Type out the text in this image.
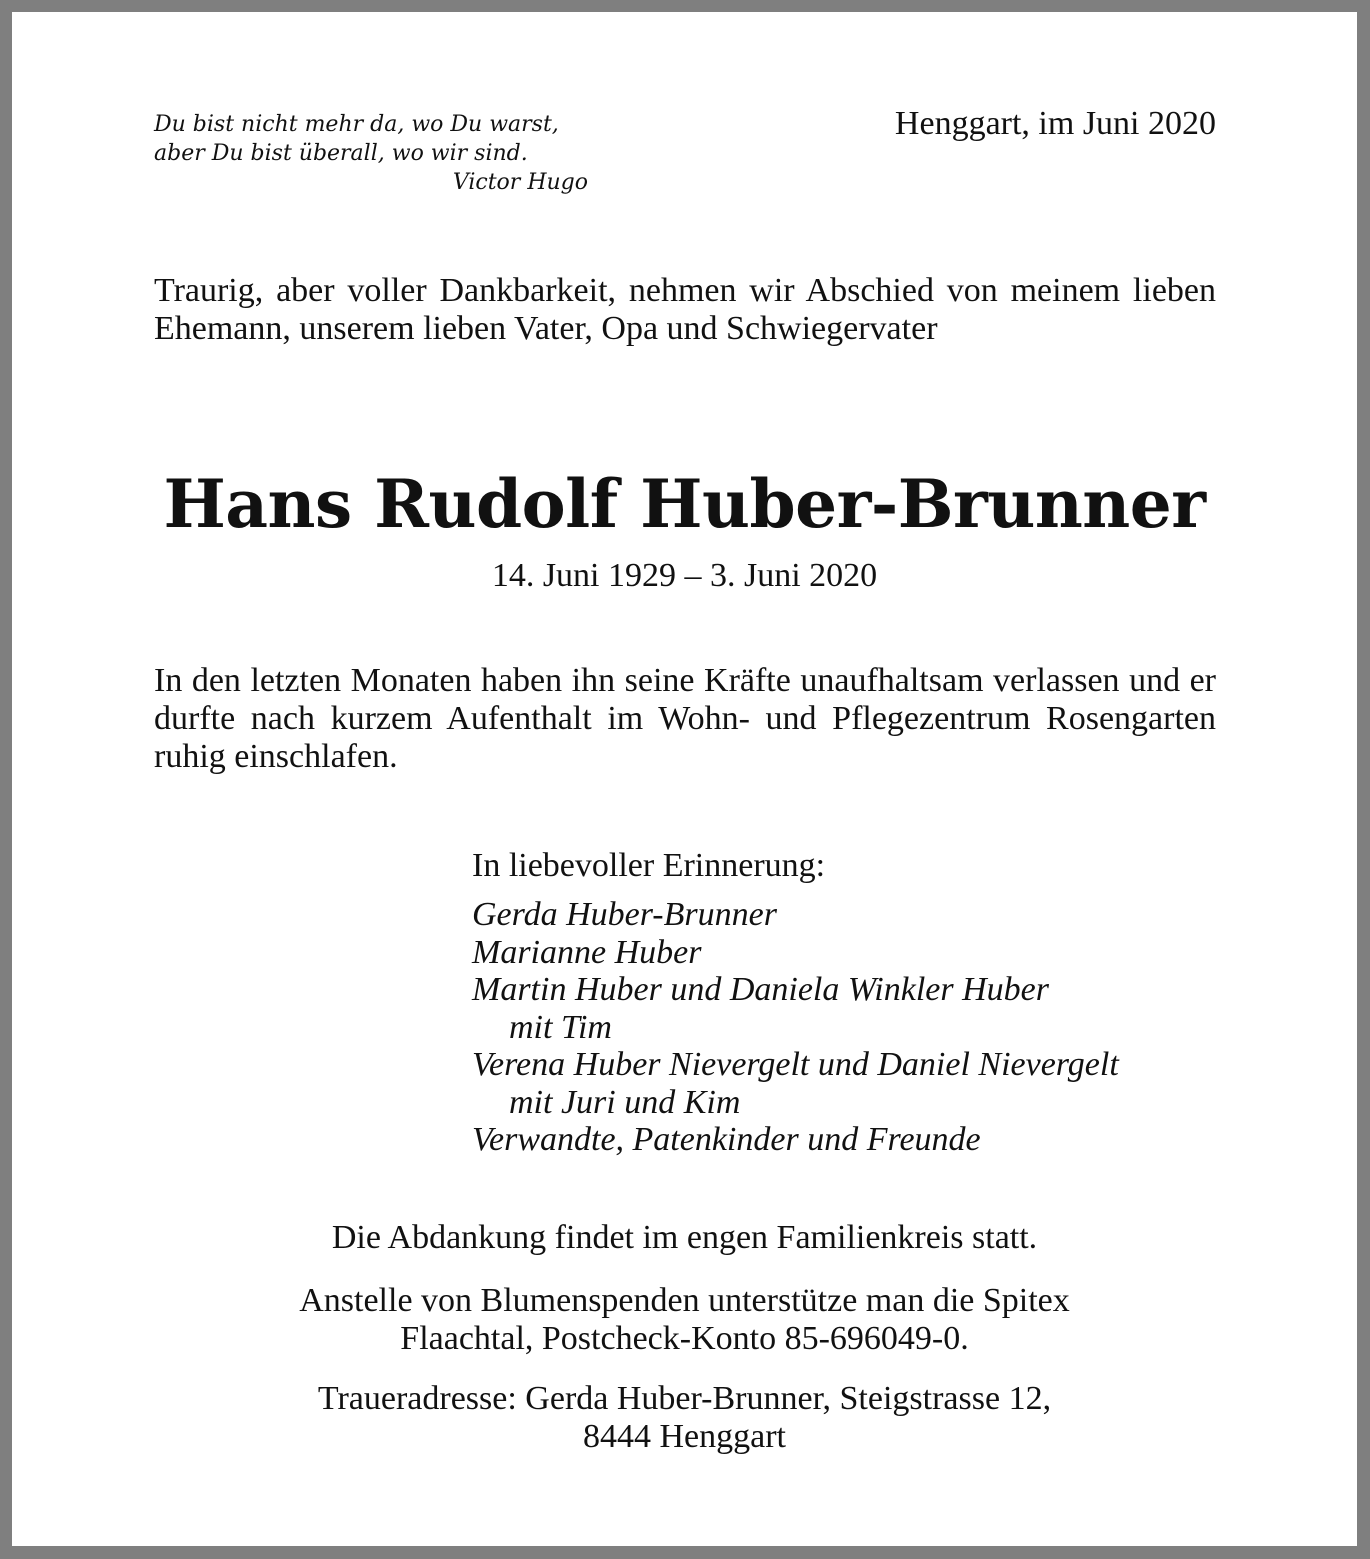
Du bist nicht mehr da, wo Du warst,
aber Du bist überall, wo wir sind.
Victor Hugo
Henggart, im Juni 2020

Traurig, aber voller Dankbarkeit, nehmen wir Abschied von meinem lieben Ehemann, unserem lieben Vater, Opa und Schwiegervater

Hans Rudolf Huber-Brunner
14. Juni 1929 – 3. Juni 2020

In den letzten Monaten haben ihn seine Kräfte unaufhaltsam verlassen und er durfte nach kurzem Aufenthalt im Wohn- und Pflegezentrum Rosengarten ruhig einschlafen.

In liebevoller Erinnerung:
Gerda Huber-Brunner
Marianne Huber
Martin Huber und Daniela Winkler Huber
mit Tim
Verena Huber Nievergelt und Daniel Nievergelt
mit Juri und Kim
Verwandte, Patenkinder und Freunde
Die Abdankung findet im engen Familienkreis statt.
Anstelle von Blumenspenden unterstütze man die Spitex
Flaachtal, Postcheck-Konto 85-696049-0.
Traueradresse: Gerda Huber-Brunner, Steigstrasse 12,
8444 Henggart
